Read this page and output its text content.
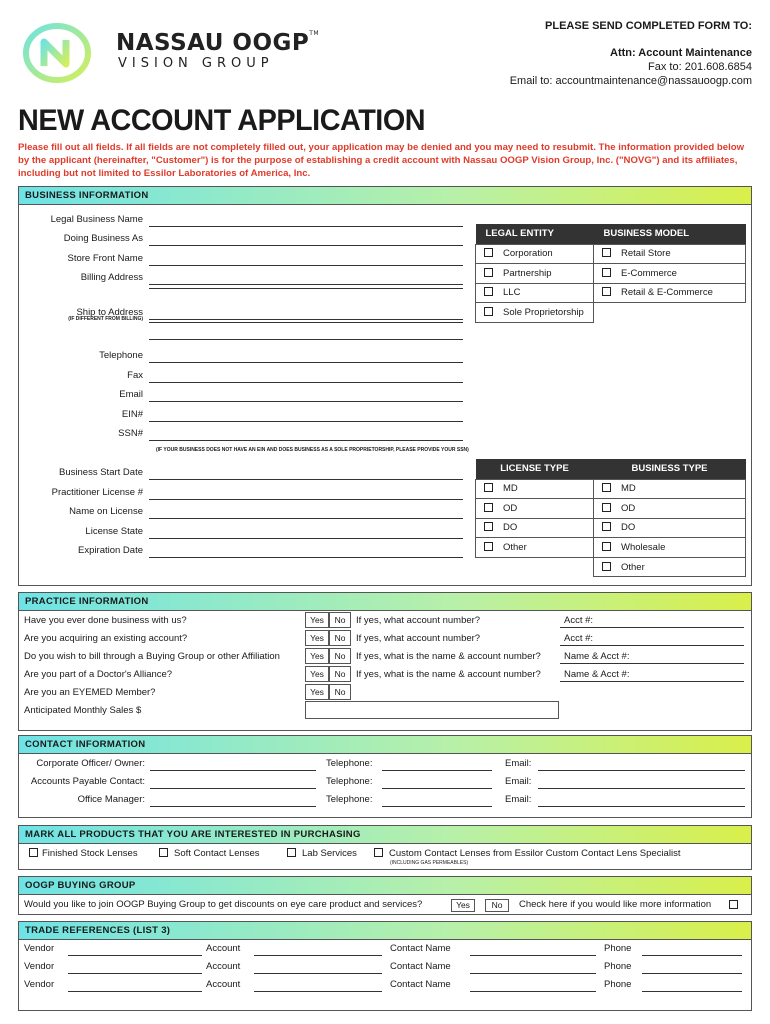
NASSAU OOGP™
VISION GROUP
PLEASE SEND COMPLETED FORM TO:
Attn: Account Maintenance
Fax to: 201.608.6854
Email to: accountmaintenance@nassauoogp.com
NEW ACCOUNT APPLICATION
Please fill out all fields. If all fields are not completely filled out, your application may be denied and you may need to resubmit. The information provided below by the applicant (hereinafter, "Customer") is for the purpose of establishing a credit account with Nassau OOGP Vision Group, Inc. ("NOVG") and its affiliates, including but not limited to Essilor Laboratories of America, Inc.
BUSINESS INFORMATION
Legal Business Name
Doing Business As
Store Front Name
Billing Address
Ship to Address
(IF DIFFERENT FROM BILLING)
Telephone
Fax
Email
EIN#
SSN#
(IF YOUR BUSINESS DOES NOT HAVE AN EIN AND DOES BUSINESS AS A SOLE PROPRIETORSHIP, PLEASE PROVIDE YOUR SSN)
Business Start Date
Practitioner License #
Name on License
License State
Expiration Date
LEGAL ENTITY	BUSINESS MODEL
Corporation	Retail Store
Partnership	E-Commerce
LLC	Retail & E-Commerce
Sole Proprietorship	
LICENSE TYPE	BUSINESS TYPE
MD	MD
OD	OD
DO	DO
Other	Wholesale
	Other
PRACTICE INFORMATION
Have you ever done business with us?	Yes	No	If yes, what account number?	Acct #:
Are you acquiring an existing account?	Yes	No	If yes, what account number?	Acct #:
Do you wish to bill through a Buying Group or other Affiliation	Yes	No	If yes, what is the name & account number? Name & Acct #:
Are you part of a Doctor's Alliance?	Yes	No	If yes, what is the name & account number? Name & Acct #:
Are you an EYEMED Member?	Yes	No
Anticipated Monthly Sales $
CONTACT INFORMATION
Corporate Officer/ Owner:	Telephone:	Email:
Accounts Payable Contact:	Telephone:	Email:
Office Manager:	Telephone:	Email:
MARK ALL PRODUCTS THAT YOU ARE INTERESTED IN PURCHASING
Finished Stock Lenses	Soft Contact Lenses	Lab Services	Custom Contact Lenses from Essilor Custom Contact Lens Specialist
(INCLUDING GAS PERMEABLES)
OOGP BUYING GROUP
Would you like to join OOGP Buying Group to get discounts on eye care product and services?	Yes	No	Check here if you would like more information
TRADE REFERENCES (LIST 3)
Vendor	Account	Contact Name	Phone
Vendor	Account	Contact Name	Phone
Vendor	Account	Contact Name	Phone
